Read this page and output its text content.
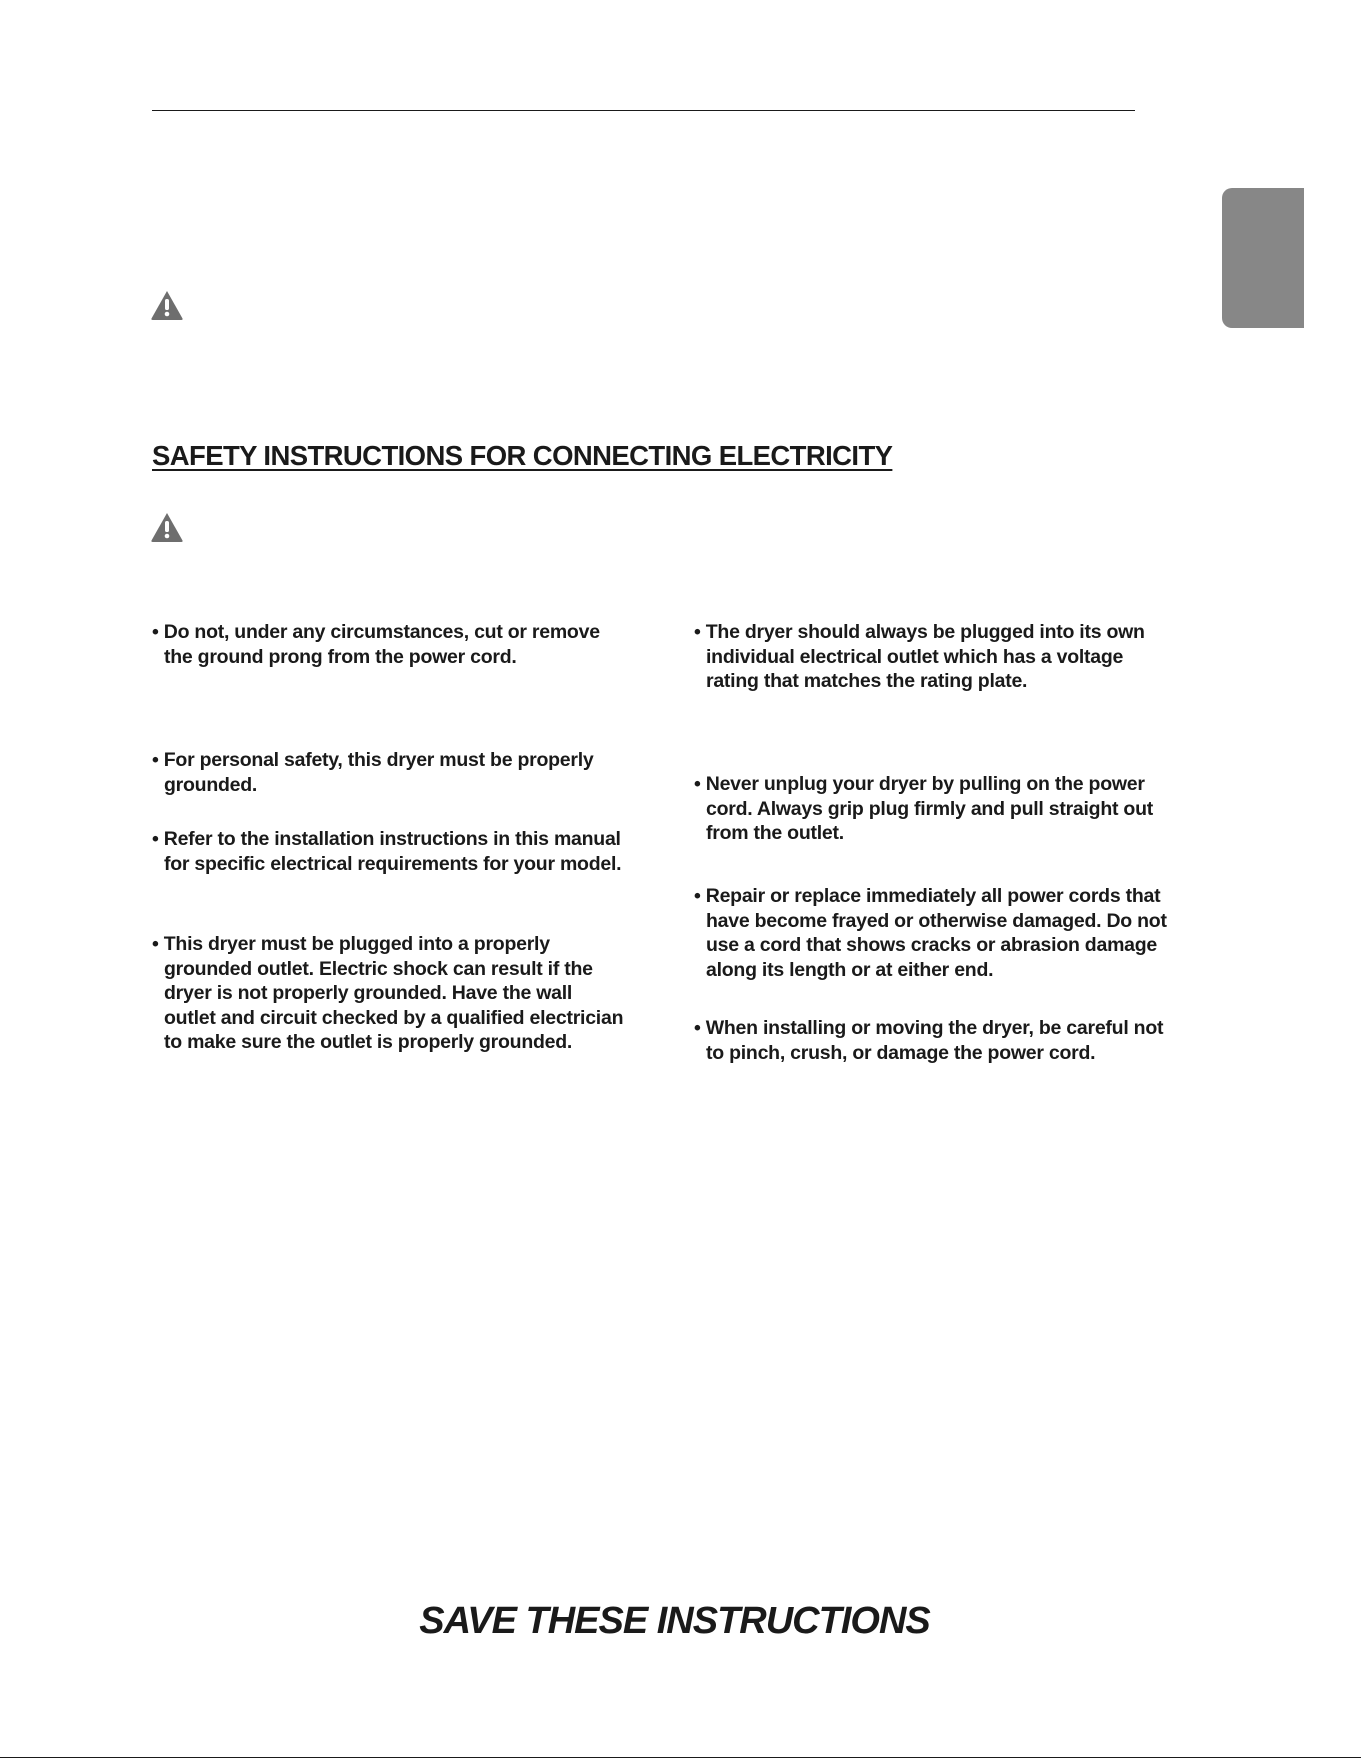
SAFETY INSTRUCTIONS FOR CONNECTING ELECTRICITY

• Do not, under any circumstances, cut or remove
the ground prong from the power cord.

• For personal safety, this dryer must be properly
grounded.

• Refer to the installation instructions in this manual
for specific electrical requirements for your model.

• This dryer must be plugged into a properly
grounded outlet. Electric shock can result if the
dryer is not properly grounded. Have the wall
outlet and circuit checked by a qualified electrician
to make sure the outlet is properly grounded.

• The dryer should always be plugged into its own
individual electrical outlet which has a voltage
rating that matches the rating plate.

• Never unplug your dryer by pulling on the power
cord. Always grip plug firmly and pull straight out
from the outlet.

• Repair or replace immediately all power cords that
have become frayed or otherwise damaged. Do not
use a cord that shows cracks or abrasion damage
along its length or at either end.

• When installing or moving the dryer, be careful not
to pinch, crush, or damage the power cord.

SAVE THESE INSTRUCTIONS
